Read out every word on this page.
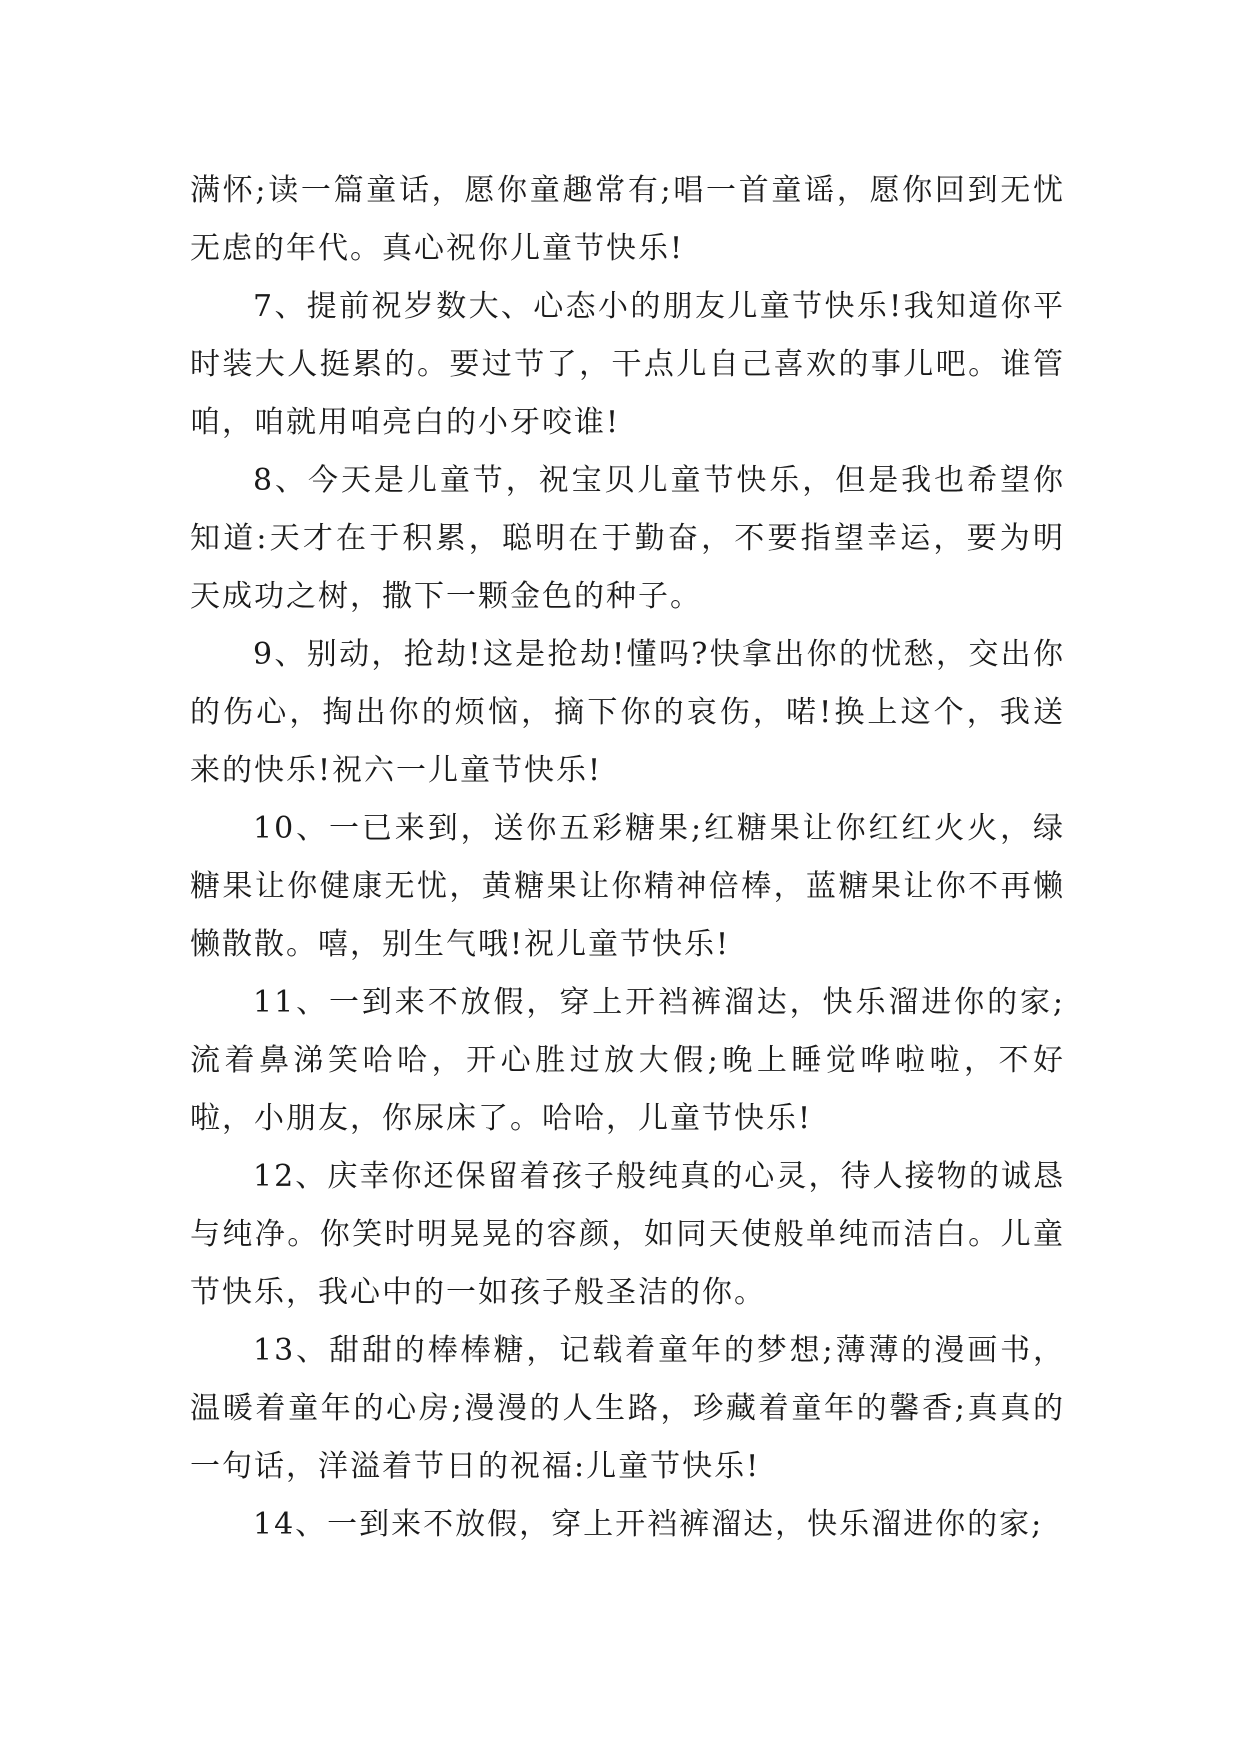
满怀;读一篇童话，愿你童趣常有;唱一首童谣，愿你回到无忧无虑的年代。真心祝你儿童节快乐!

7、提前祝岁数大、心态小的朋友儿童节快乐!我知道你平时装大人挺累的。要过节了，干点儿自己喜欢的事儿吧。谁管咱，咱就用咱亮白的小牙咬谁!

8、今天是儿童节，祝宝贝儿童节快乐，但是我也希望你知道:天才在于积累，聪明在于勤奋，不要指望幸运，要为明天成功之树，撒下一颗金色的种子。

9、别动，抢劫!这是抢劫!懂吗?快拿出你的忧愁，交出你的伤心，掏出你的烦恼，摘下你的哀伤，喏!换上这个，我送来的快乐!祝六一儿童节快乐!

10、一已来到，送你五彩糖果;红糖果让你红红火火，绿糖果让你健康无忧，黄糖果让你精神倍棒，蓝糖果让你不再懒懒散散。嘻，别生气哦!祝儿童节快乐!

11、一到来不放假，穿上开裆裤溜达，快乐溜进你的家;流着鼻涕笑哈哈，开心胜过放大假;晚上睡觉哗啦啦，不好啦，小朋友，你尿床了。哈哈，儿童节快乐!

12、庆幸你还保留着孩子般纯真的心灵，待人接物的诚恳与纯净。你笑时明晃晃的容颜，如同天使般单纯而洁白。儿童节快乐，我心中的一如孩子般圣洁的你。

13、甜甜的棒棒糖，记载着童年的梦想;薄薄的漫画书，温暖着童年的心房;漫漫的人生路，珍藏着童年的馨香;真真的一句话，洋溢着节日的祝福:儿童节快乐!

14、一到来不放假，穿上开裆裤溜达，快乐溜进你的家;
